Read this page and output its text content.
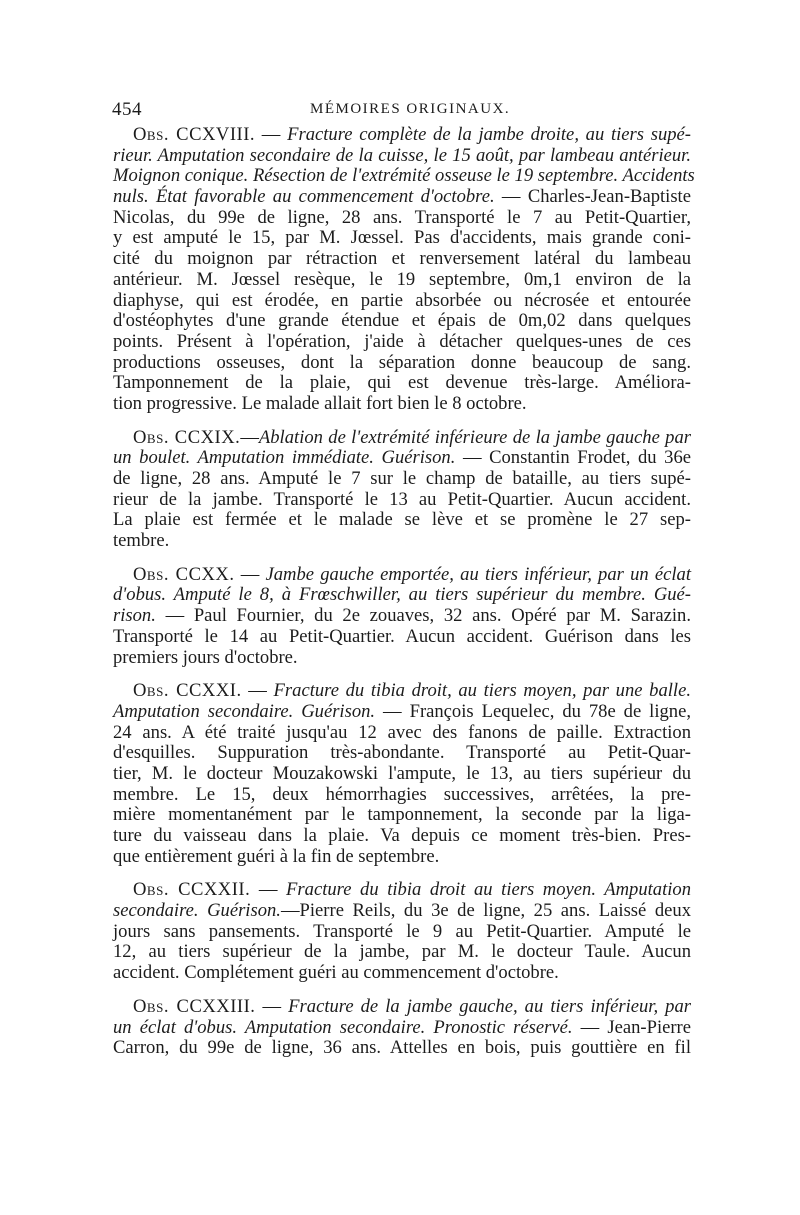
454	MÉMOIRES ORIGINAUX.
Obs. CCXVIII. — Fracture complète de la jambe droite, au tiers supé-
rieur. Amputation secondaire de la cuisse, le 15 août, par lambeau antérieur.
Moignon conique. Résection de l'extrémité osseuse le 19 septembre. Accidents
nuls. État favorable au commencement d'octobre. — Charles-Jean-Baptiste
Nicolas, du 99e de ligne, 28 ans. Transporté le 7 au Petit-Quartier,
y est amputé le 15, par M. Jœssel. Pas d'accidents, mais grande coni-
cité du moignon par rétraction et renversement latéral du lambeau
antérieur. M. Jœssel resèque, le 19 septembre, 0m,1 environ de la
diaphyse, qui est érodée, en partie absorbée ou nécrosée et entourée
d'ostéophytes d'une grande étendue et épais de 0m,02 dans quelques
points. Présent à l'opération, j'aide à détacher quelques-unes de ces
productions osseuses, dont la séparation donne beaucoup de sang.
Tamponnement de la plaie, qui est devenue très-large. Améliora-
tion progressive. Le malade allait fort bien le 8 octobre.
Obs. CCXIX.—Ablation de l'extrémité inférieure de la jambe gauche par
un boulet. Amputation immédiate. Guérison. — Constantin Frodet, du 36e
de ligne, 28 ans. Amputé le 7 sur le champ de bataille, au tiers supé-
rieur de la jambe. Transporté le 13 au Petit-Quartier. Aucun accident.
La plaie est fermée et le malade se lève et se promène le 27 sep-
tembre.
Obs. CCXX. — Jambe gauche emportée, au tiers inférieur, par un éclat
d'obus. Amputé le 8, à Frœschwiller, au tiers supérieur du membre. Gué-
rison. — Paul Fournier, du 2e zouaves, 32 ans. Opéré par M. Sarazin.
Transporté le 14 au Petit-Quartier. Aucun accident. Guérison dans les
premiers jours d'octobre.
Obs. CCXXI. — Fracture du tibia droit, au tiers moyen, par une balle.
Amputation secondaire. Guérison. — François Lequelec, du 78e de ligne,
24 ans. A été traité jusqu'au 12 avec des fanons de paille. Extraction
d'esquilles. Suppuration très-abondante. Transporté au Petit-Quar-
tier, M. le docteur Mouzakowski l'ampute, le 13, au tiers supérieur du
membre. Le 15, deux hémorrhagies successives, arrêtées, la pre-
mière momentanément par le tamponnement, la seconde par la liga-
ture du vaisseau dans la plaie. Va depuis ce moment très-bien. Pres-
que entièrement guéri à la fin de septembre.
Obs. CCXXII. — Fracture du tibia droit au tiers moyen. Amputation
secondaire. Guérison.—Pierre Reils, du 3e de ligne, 25 ans. Laissé deux
jours sans pansements. Transporté le 9 au Petit-Quartier. Amputé le
12, au tiers supérieur de la jambe, par M. le docteur Taule. Aucun
accident. Complétement guéri au commencement d'octobre.
Obs. CCXXIII. — Fracture de la jambe gauche, au tiers inférieur, par
un éclat d'obus. Amputation secondaire. Pronostic réservé. — Jean-Pierre
Carron, du 99e de ligne, 36 ans. Attelles en bois, puis gouttière en fil
